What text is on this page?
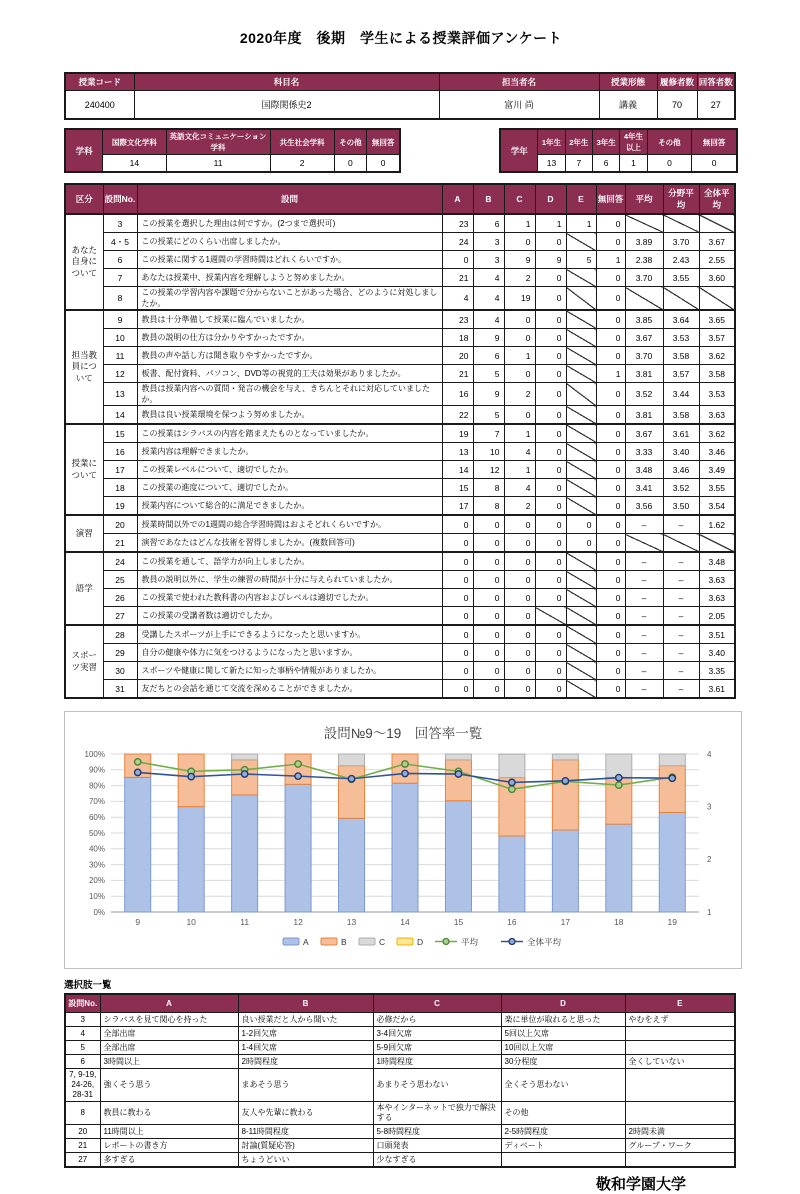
2020年度　後期　学生による授業評価アンケート
授業コード	科目名	担当者名	授業形態	履修者数	回答者数
240400	国際関係史2	富川 尚	講義	70	27
学科	国際文化学科	英語文化コミュニケーション学科	共生社会学科	その他	無回答
	14	11	2	0	0
学年	1年生	2年生	3年生	4年生以上	その他	無回答
	13	7	6	1	0	0
区分	設問No.	設問	A	B	C	D	E	無回答	平均	分野平均	全体平均
あなた自身について	3	この授業を選択した理由は何ですか。(2つまで選択可)	23	6	1	1	1	0			
	4・5	この授業にどのくらい出席しましたか。	24	3	0	0		0	3.89	3.70	3.67
	6	この授業に関する1週間の学習時間はどれくらいですか。	0	3	9	9	5	1	2.38	2.43	2.55
	7	あなたは授業中、授業内容を理解しようと努めましたか。	21	4	2	0		0	3.70	3.55	3.60
	8	この授業の学習内容や課題で分からないことがあった場合、どのように対処しましたか。	4	4	19	0		0			
担当教員について	9	教員は十分準備して授業に臨んでいましたか。	23	4	0	0		0	3.85	3.64	3.65
	10	教員の説明の仕方は分かりやすかったですか。	18	9	0	0		0	3.67	3.53	3.57
	11	教員の声や話し方は聞き取りやすかったですか。	20	6	1	0		0	3.70	3.58	3.62
	12	板書、配付資料、パソコン、DVD等の視覚的工夫は効果がありましたか。	21	5	0	0		1	3.81	3.57	3.58
	13	教員は授業内容への質問・発言の機会を与え、きちんとそれに対応していましたか。	16	9	2	0		0	3.52	3.44	3.53
	14	教員は良い授業環境を保つよう努めましたか。	22	5	0	0		0	3.81	3.58	3.63
授業について	15	この授業はシラバスの内容を踏まえたものとなっていましたか。	19	7	1	0		0	3.67	3.61	3.62
	16	授業内容は理解できましたか。	13	10	4	0		0	3.33	3.40	3.46
	17	この授業レベルについて、適切でしたか。	14	12	1	0		0	3.48	3.46	3.49
	18	この授業の進度について、適切でしたか。	15	8	4	0		0	3.41	3.52	3.55
	19	授業内容について総合的に満足できましたか。	17	8	2	0		0	3.56	3.50	3.54
演習	20	授業時間以外での1週間の総合学習時間はおよそどれくらいですか。	0	0	0	0	0	0	–	–	1.62
	21	演習であなたはどんな技術を習得しましたか。(複数回答可)	0	0	0	0	0	0			
語学	24	この授業を通して、語学力が向上しましたか。	0	0	0	0		0	–	–	3.48
	25	教員の説明以外に、学生の練習の時間が十分に与えられていましたか。	0	0	0	0		0	–	–	3.63
	26	この授業で使われた教科書の内容およびレベルは適切でしたか。	0	0	0	0		0	–	–	3.63
	27	この授業の受講者数は適切でしたか。	0	0	0			0	–	–	2.05
スポーツ実習	28	受講したスポーツが上手にできるようになったと思いますか。	0	0	0	0		0	–	–	3.51
	29	自分の健康や体力に気をつけるようになったと思いますか。	0	0	0	0		0	–	–	3.40
	30	スポーツや健康に関して新たに知った事柄や情報がありましたか。	0	0	0	0		0	–	–	3.35
	31	友だちとの会話を通じて交流を深めることができましたか。	0	0	0	0		0	–	–	3.61
設問№9～19　回答率一覧
0%
10%
20%
30%
40%
50%
60%
70%
80%
90%
100%
1
2
3
4
9	10	11	12	13	14	15	16	17	18	19
A	B	C	D	平均	全体平均
選択肢一覧
設問No.	A	B	C	D	E
3	シラバスを見て関心を持った	良い授業だと人から聞いた	必修だから	楽に単位が取れると思った	やむをえず
4	全部出席	1-2回欠席	3-4回欠席	5回以上欠席	
5	全部出席	1-4回欠席	5-9回欠席	10回以上欠席	
6	3時間以上	2時間程度	1時間程度	30分程度	全くしていない
7, 9-19, 24-26, 28-31	強くそう思う	まあそう思う	あまりそう思わない	全くそう思わない	
8	教員に教わる	友人や先輩に教わる	本やインターネットで独力で解決する	その他	
20	11時間以上	8-11時間程度	5-8時間程度	2-5時間程度	2時間未満
21	レポートの書き方	討論(質疑応答)	口頭発表	ディベート	グループ・ワーク
27	多すぎる	ちょうどいい	少なすぎる		
敬和学園大学
